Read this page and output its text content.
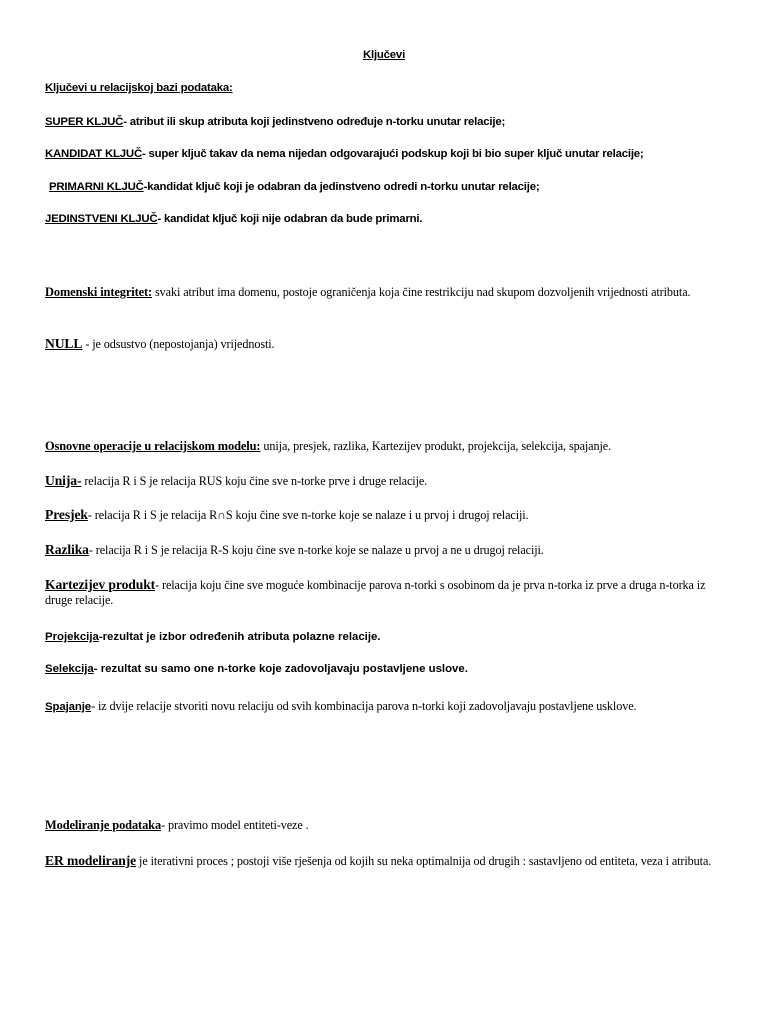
Ključevi

Ključevi u relacijskoj bazi podataka:

SUPER KLJUČ- atribut ili skup atributa koji jedinstveno određuje n-torku unutar relacije;

KANDIDAT KLJUČ- super ključ takav da nema nijedan odgovarajući podskup koji bi bio super ključ unutar relacije;

PRIMARNI KLJUČ-kandidat ključ koji je odabran da jedinstveno odredi n-torku unutar relacije;

JEDINSTVENI KLJUČ- kandidat ključ koji nije odabran da bude primarni.

Domenski integritet: svaki atribut ima domenu, postoje ograničenja koja čine restrikciju nad skupom dozvoljenih vrijednosti atributa.

NULL - je odsustvo (nepostojanja) vrijednosti.

Osnovne operacije u relacijskom modelu: unija, presjek, razlika, Kartezijev produkt, projekcija, selekcija, spajanje.

Unija- relacija R i S je relacija RUS koju čine sve n-torke prve i druge relacije.

Presjek- relacija R i S je relacija R∩S koju čine sve n-torke koje se nalaze i u prvoj i drugoj relaciji.

Razlika- relacija R i S je relacija R-S koju čine sve n-torke koje se nalaze u prvoj a ne u drugoj relaciji.

Kartezijev produkt- relacija koju čine sve moguće kombinacije parova n-torki s osobinom da je prva n-torka iz prve a druga n-torka iz druge relacije.

Projekcija-rezultat je izbor određenih atributa polazne relacije.

Selekcija- rezultat su samo one n-torke koje zadovoljavaju postavljene uslove.

Spajanje- iz dvije relacije stvoriti novu relaciju od svih kombinacija parova n-torki koji zadovoljavaju postavljene usklove.

Modeliranje podataka- pravimo model entiteti-veze .

ER modeliranje je iterativni proces ; postoji više rješenja od kojih su neka optimalnija od drugih : sastavljeno od entiteta, veza i atributa.
